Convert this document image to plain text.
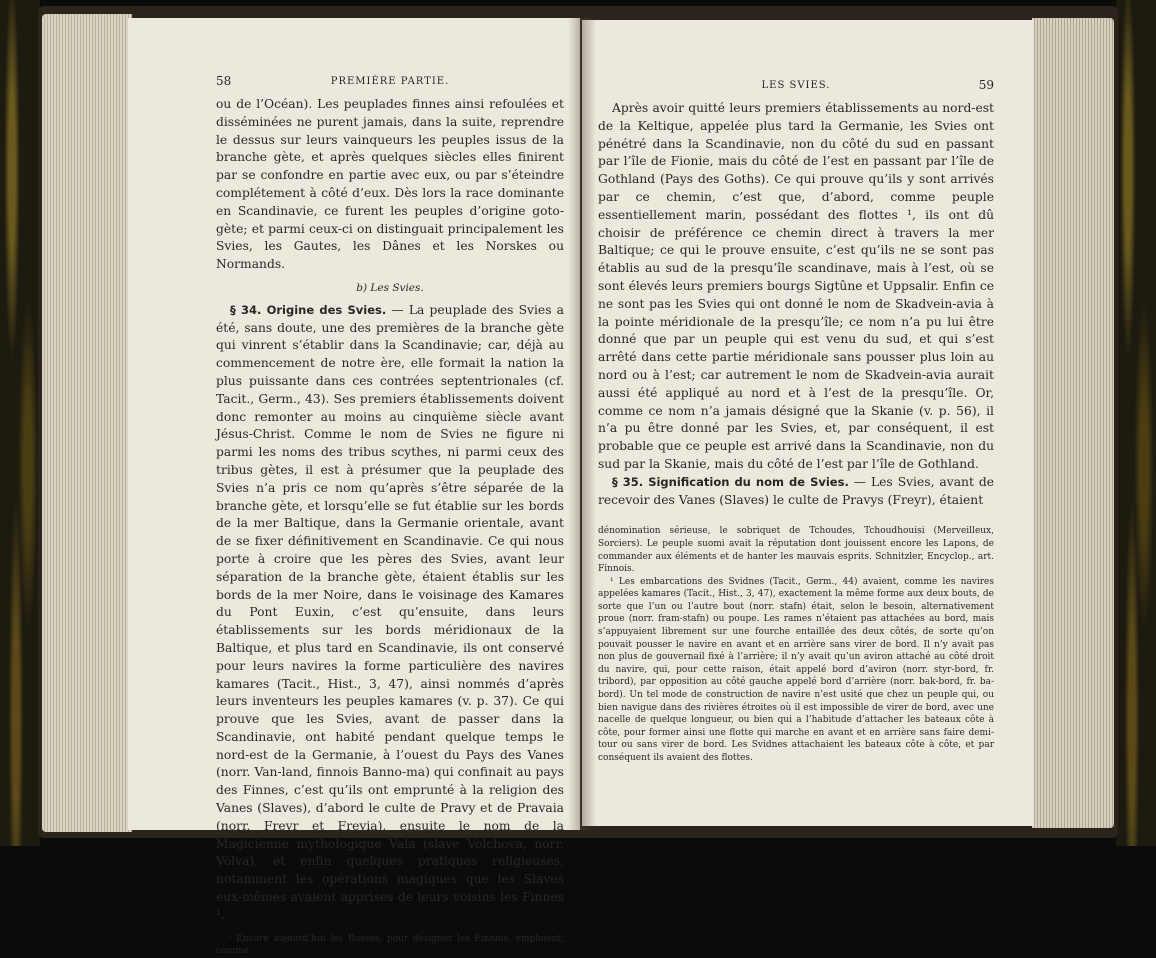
58	PREMIÈRE PARTIE.

ou de l’Océan). Les peuplades finnes ainsi refoulées et disséminées ne purent jamais, dans la suite, reprendre le dessus sur leurs vainqueurs les peuples issus de la branche gète, et après quelques siècles elles finirent par se confondre en partie avec eux, ou par s’éteindre complétement à côté d’eux. Dès lors la race dominante en Scandinavie, ce furent les peuples d’origine goto-gète; et parmi ceux-ci on distinguait principalement les Svies, les Gautes, les Dânes et les Norskes ou Normands.

b) Les Svies.

§ 34. Origine des Svies. — La peuplade des Svies a été, sans doute, une des premières de la branche gète qui vinrent s’établir dans la Scandinavie; car, déjà au commencement de notre ère, elle formait la nation la plus puissante dans ces contrées septentrionales (cf. Tacit., Germ., 43). Ses premiers établissements doivent donc remonter au moins au cinquième siècle avant Jésus-Christ. Comme le nom de Svies ne figure ni parmi les noms des tribus scythes, ni parmi ceux des tribus gètes, il est à présumer que la peuplade des Svies n’a pris ce nom qu’après s’être séparée de la branche gète, et lorsqu’elle se fut établie sur les bords de la mer Baltique, dans la Germanie orientale, avant de se fixer définitivement en Scandinavie. Ce qui nous porte à croire que les pères des Svies, avant leur séparation de la branche gète, étaient établis sur les bords de la mer Noire, dans le voisinage des Kamares du Pont Euxin, c’est qu’ensuite, dans leurs établissements sur les bords méridionaux de la Baltique, et plus tard en Scandinavie, ils ont conservé pour leurs navires la forme particulière des navires kamares (Tacit., Hist., 3, 47), ainsi nommés d’après leurs inventeurs les peuples kamares (v. p. 37). Ce qui prouve que les Svies, avant de passer dans la Scandinavie, ont habité pendant quelque temps le nord-est de la Germanie, à l’ouest du Pays des Vanes (norr. Van-land, finnois Banno-ma) qui confinait au pays des Finnes, c’est qu’ils ont emprunté à la religion des Vanes (Slaves), d’abord le culte de Pravy et de Pravaia (norr. Freyr et Freyia), ensuite le nom de la Magicienne mythologique Vala (slave Volchova, norr. Völva), et enfin quelques pratiques religieuses, notamment les opérations magiques que les Slaves eux-mêmes avaient apprises de leurs voisins les Finnes ¹.

¹ Encore aujourd’hui les Russes, pour désigner les Finnois, emploient, comme

LES SVIES.	59

Après avoir quitté leurs premiers établissements au nord-est de la Keltique, appelée plus tard la Germanie, les Svies ont pénétré dans la Scandinavie, non du côté du sud en passant par l’île de Fionie, mais du côté de l’est en passant par l’île de Gothland (Pays des Goths). Ce qui prouve qu’ils y sont arrivés par ce chemin, c’est que, d’abord, comme peuple essentiellement marin, possédant des flottes ¹, ils ont dû choisir de préférence ce chemin direct à travers la mer Baltique; ce qui le prouve ensuite, c’est qu’ils ne se sont pas établis au sud de la presqu’île scandinave, mais à l’est, où se sont élevés leurs premiers bourgs Sigtûne et Uppsalir. Enfin ce ne sont pas les Svies qui ont donné le nom de Skadvein-avia à la pointe méridionale de la presqu’île; ce nom n’a pu lui être donné que par un peuple qui est venu du sud, et qui s’est arrêté dans cette partie méridionale sans pousser plus loin au nord ou à l’est; car autrement le nom de Skadvein-avia aurait aussi été appliqué au nord et à l’est de la presqu’île. Or, comme ce nom n’a jamais désigné que la Skanie (v. p. 56), il n’a pu être donné par les Svies, et, par conséquent, il est probable que ce peuple est arrivé dans la Scandinavie, non du sud par la Skanie, mais du côté de l’est par l’île de Gothland.

§ 35. Signification du nom de Svies. — Les Svies, avant de recevoir des Vanes (Slaves) le culte de Pravys (Freyr), étaient

dénomination sérieuse, le sobriquet de Tchoudes, Tchoudhouisi (Merveilleux, Sorciers). Le peuple suomi avait la réputation dont jouissent encore les Lapons, de commander aux éléments et de hanter les mauvais esprits. Schnitzler, Encyclop., art. Finnois.

¹ Les embarcations des Svidnes (Tacit., Germ., 44) avaient, comme les navires appelées kamares (Tacit., Hist., 3, 47), exactement la même forme aux deux bouts, de sorte que l’un ou l’autre bout (norr. stafn) était, selon le besoin, alternativement proue (norr. fram-stafn) ou poupe. Les rames n’étaient pas attachées au bord, mais s’appuyaient librement sur une fourche entaillée des deux côtés, de sorte qu’on pouvait pousser le navire en avant et en arrière sans virer de bord. Il n’y avait pas non plus de gouvernail fixé à l’arrière; il n’y avait qu’un aviron attaché au côté droit du navire, qui, pour cette raison, était appelé bord d’aviron (norr. styr-bord, fr. tribord), par opposition au côté gauche appelé bord d’arrière (norr. bak-bord, fr. ba-bord). Un tel mode de construction de navire n’est usité que chez un peuple qui, ou bien navigue dans des rivières étroites où il est impossible de virer de bord, avec une nacelle de quelque longueur, ou bien qui a l’habitude d’attacher les bateaux côte à côte, pour former ainsi une flotte qui marche en avant et en arrière sans faire demi-tour ou sans virer de bord. Les Svidnes attachaient les bateaux côte à côte, et par conséquent ils avaient des flottes.
